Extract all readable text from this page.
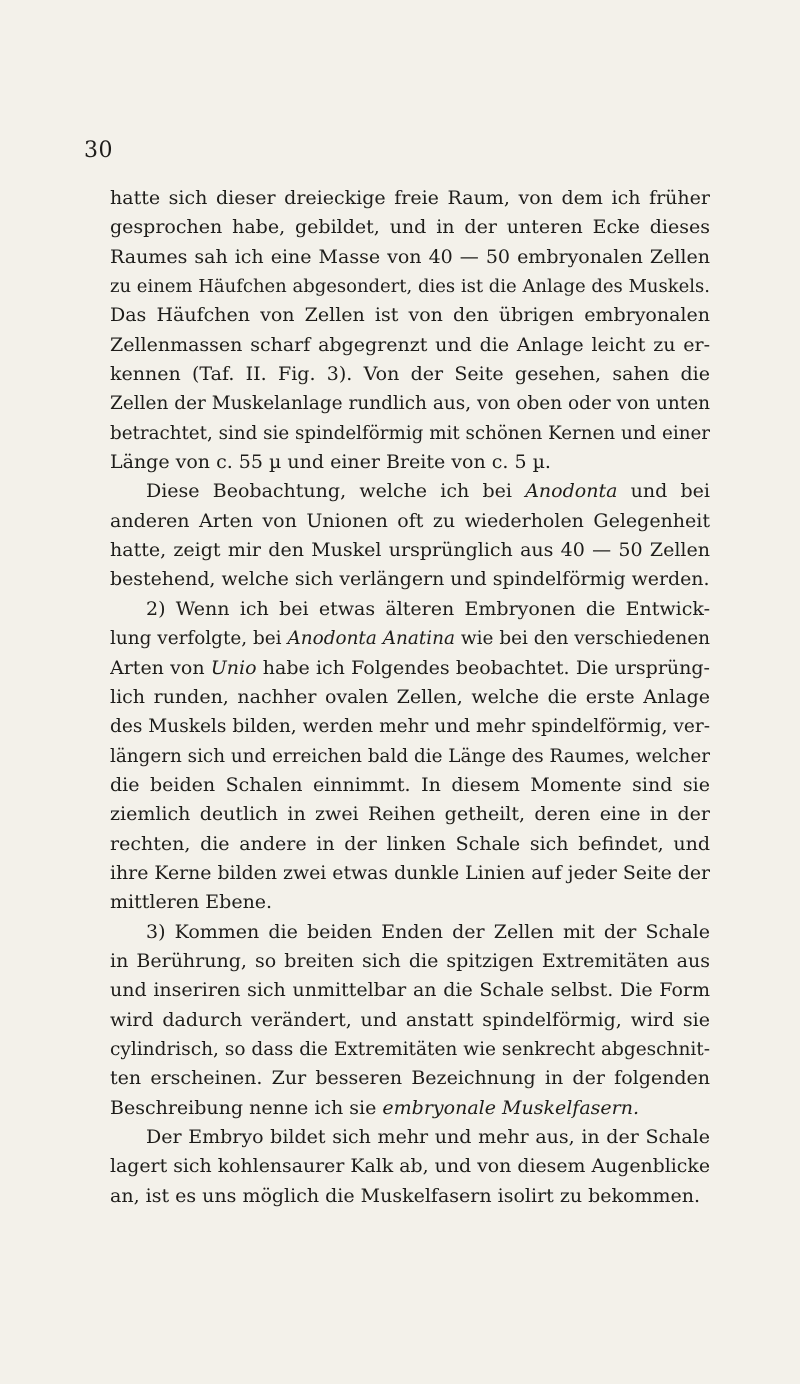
30
hatte sich dieser dreieckige freie Raum, von dem ich früher
gesprochen habe, gebildet, und in der unteren Ecke dieses
Raumes sah ich eine Masse von 40 — 50 embryonalen Zellen
zu einem Häufchen abgesondert, dies ist die Anlage des Muskels.
Das Häufchen von Zellen ist von den übrigen embryonalen
Zellenmassen scharf abgegrenzt und die Anlage leicht zu er-
kennen (Taf. II. Fig. 3). Von der Seite gesehen, sahen die
Zellen der Muskelanlage rundlich aus, von oben oder von unten
betrachtet, sind sie spindelförmig mit schönen Kernen und einer
Länge von c. 55 µ und einer Breite von c. 5 µ.
Diese Beobachtung, welche ich bei Anodonta und bei
anderen Arten von Unionen oft zu wiederholen Gelegenheit
hatte, zeigt mir den Muskel ursprünglich aus 40 — 50 Zellen
bestehend, welche sich verlängern und spindelförmig werden.
2) Wenn ich bei etwas älteren Embryonen die Entwick-
lung verfolgte, bei Anodonta Anatina wie bei den verschiedenen
Arten von Unio habe ich Folgendes beobachtet. Die ursprüng-
lich runden, nachher ovalen Zellen, welche die erste Anlage
des Muskels bilden, werden mehr und mehr spindelförmig, ver-
längern sich und erreichen bald die Länge des Raumes, welcher
die beiden Schalen einnimmt. In diesem Momente sind sie
ziemlich deutlich in zwei Reihen getheilt, deren eine in der
rechten, die andere in der linken Schale sich befindet, und
ihre Kerne bilden zwei etwas dunkle Linien auf jeder Seite der
mittleren Ebene.
3) Kommen die beiden Enden der Zellen mit der Schale
in Berührung, so breiten sich die spitzigen Extremitäten aus
und inseriren sich unmittelbar an die Schale selbst. Die Form
wird dadurch verändert, und anstatt spindelförmig, wird sie
cylindrisch, so dass die Extremitäten wie senkrecht abgeschnit-
ten erscheinen. Zur besseren Bezeichnung in der folgenden
Beschreibung nenne ich sie embryonale Muskelfasern.
Der Embryo bildet sich mehr und mehr aus, in der Schale
lagert sich kohlensaurer Kalk ab, und von diesem Augenblicke
an, ist es uns möglich die Muskelfasern isolirt zu bekommen.
